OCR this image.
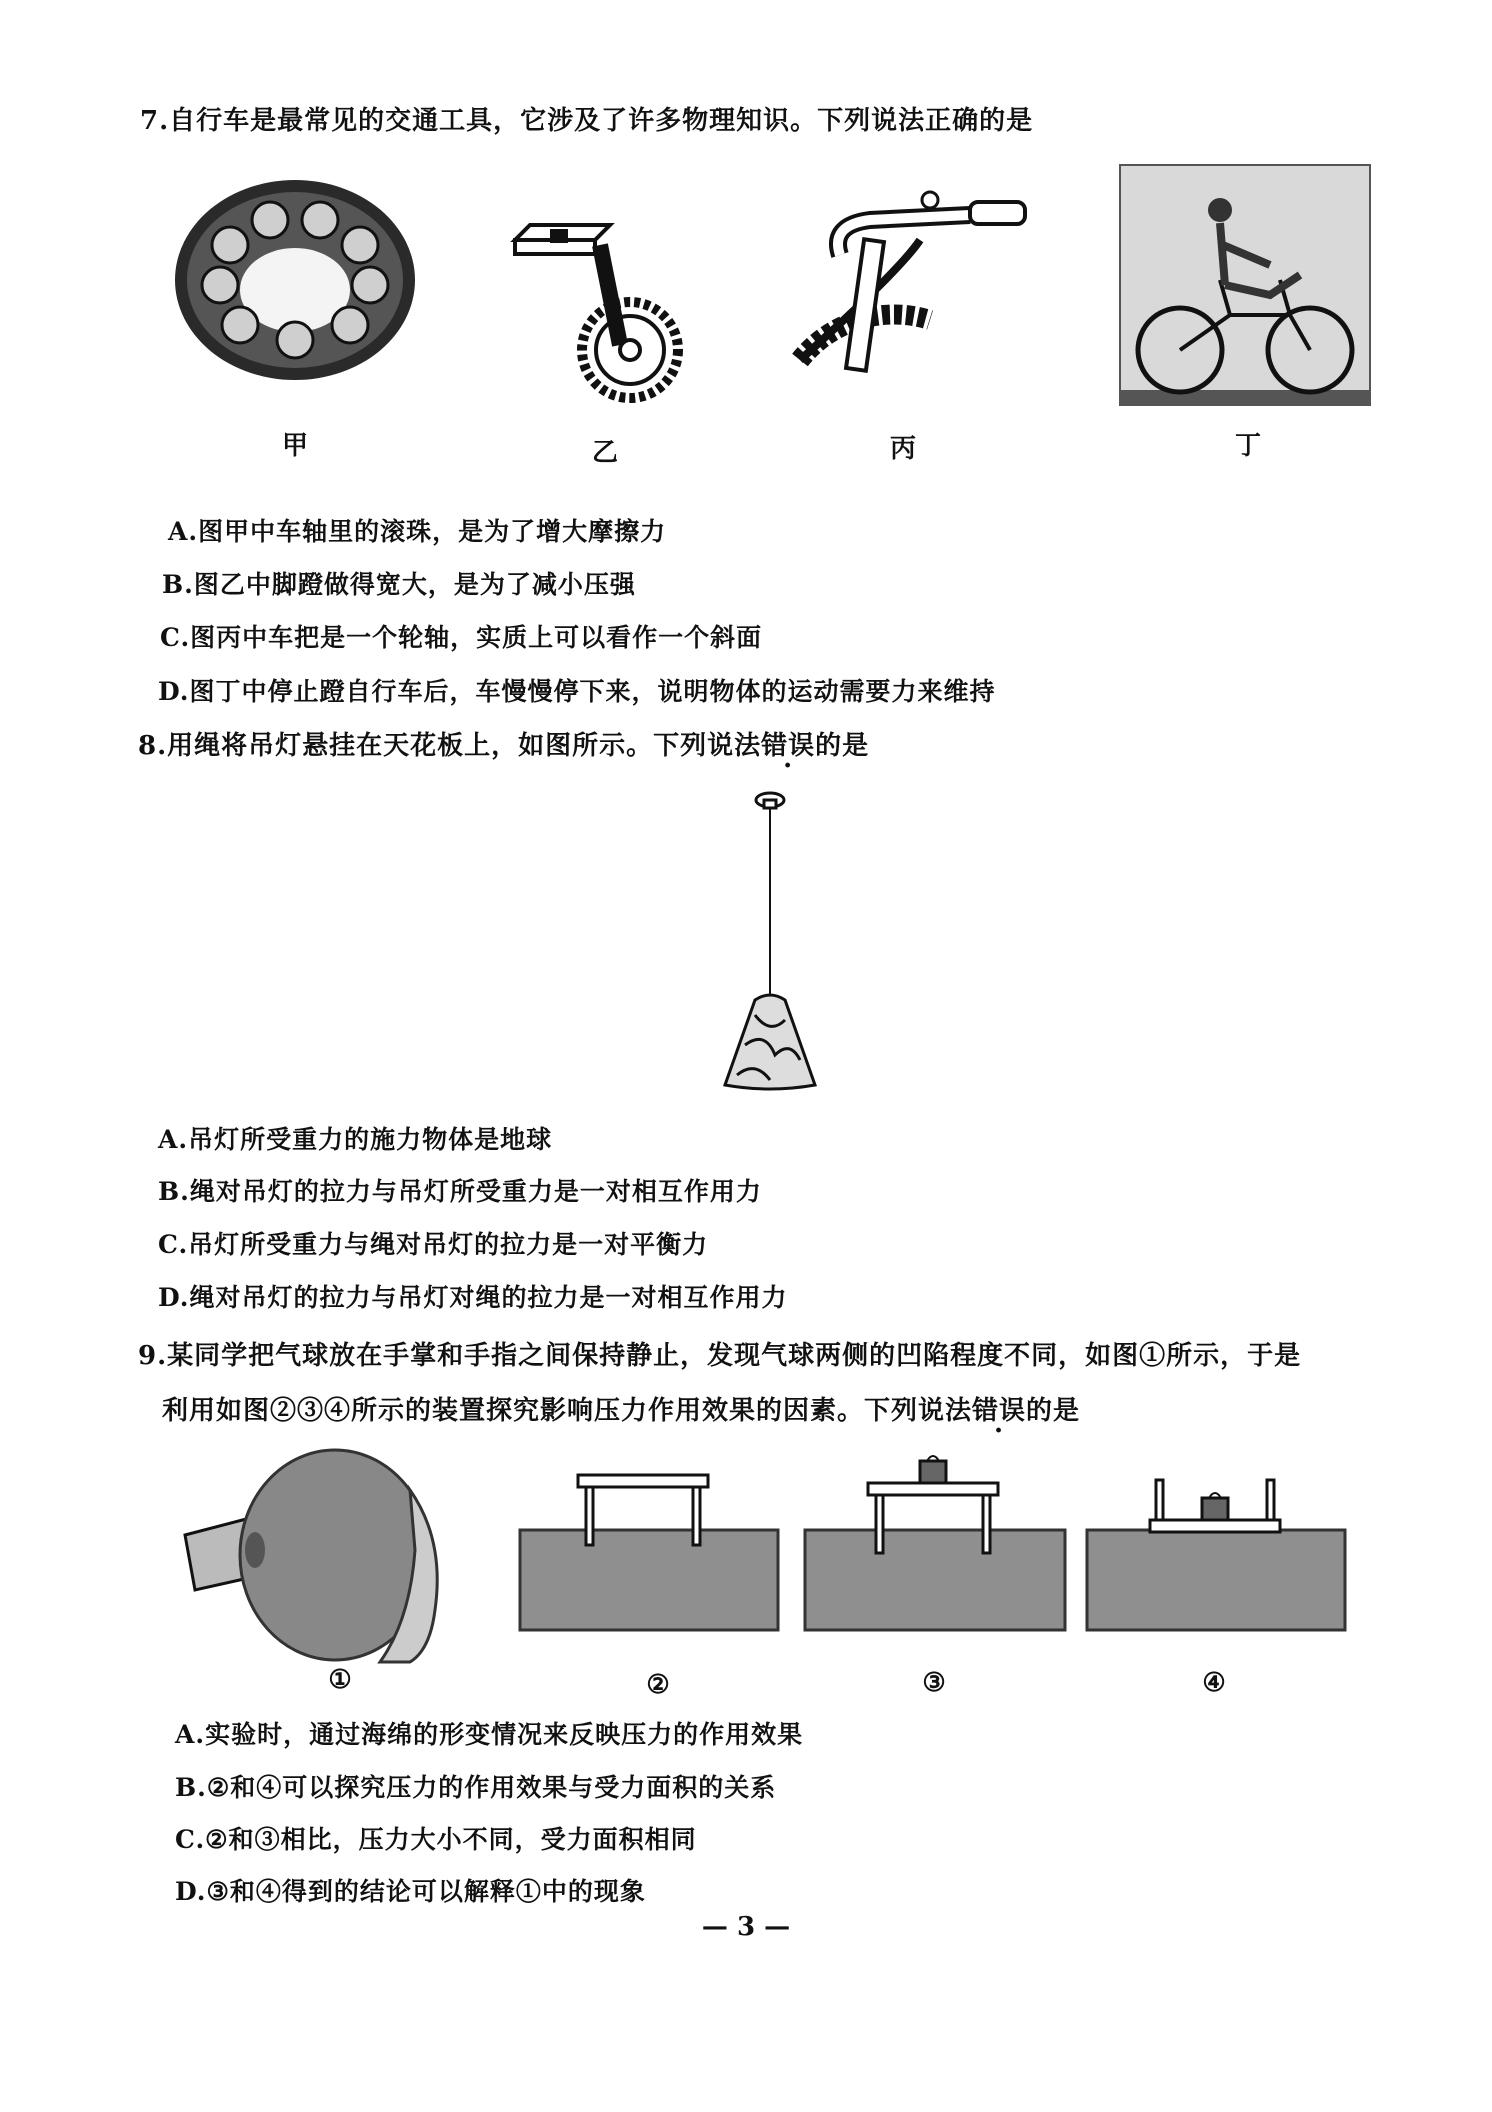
7.自行车是最常见的交通工具，它涉及了许多物理知识。下列说法正确的是
甲	乙	丙	丁
A.图甲中车轴里的滚珠，是为了增大摩擦力
B.图乙中脚蹬做得宽大，是为了减小压强
C.图丙中车把是一个轮轴，实质上可以看作一个斜面
D.图丁中停止蹬自行车后，车慢慢停下来，说明物体的运动需要力来维持
8.用绳将吊灯悬挂在天花板上，如图所示。下列说法错误的是
A.吊灯所受重力的施力物体是地球
B.绳对吊灯的拉力与吊灯所受重力是一对相互作用力
C.吊灯所受重力与绳对吊灯的拉力是一对平衡力
D.绳对吊灯的拉力与吊灯对绳的拉力是一对相互作用力
9.某同学把气球放在手掌和手指之间保持静止，发现气球两侧的凹陷程度不同，如图①所示，于是
利用如图②③④所示的装置探究影响压力作用效果的因素。下列说法错误的是
①	②	③	④
A.实验时，通过海绵的形变情况来反映压力的作用效果
B.②和④可以探究压力的作用效果与受力面积的关系
C.②和③相比，压力大小不同，受力面积相同
D.③和④得到的结论可以解释①中的现象
— 3 —
